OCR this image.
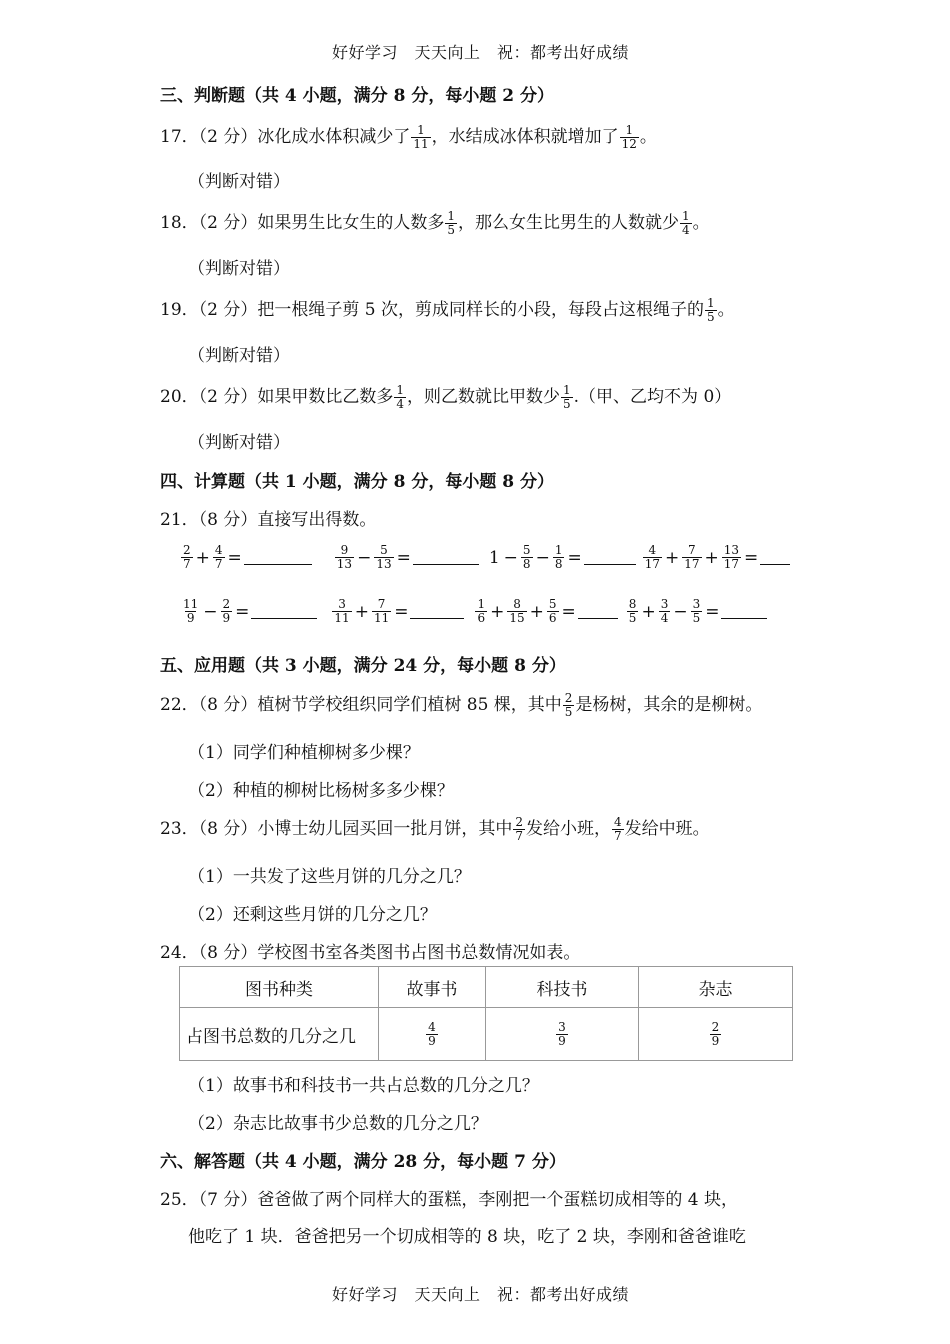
好好学习　天天向上　祝：都考出好成绩
三、判断题（共 4 小题，满分 8 分，每小题 2 分）
17．（2 分）冰化成水体积减少了 $\frac{1}{11}$ ，水结成冰体积就增加了 $\frac{1}{12}$ 。
（判断对错）
18．（2 分）如果男生比女生的人数多 $\frac{1}{5}$ ，那么女生比男生的人数就少 $\frac{1}{4}$ 。
（判断对错）
19．（2 分）把一根绳子剪 5 次，剪成同样长的小段，每段占这根绳子的 $\frac{1}{5}$ 。
（判断对错）
20．（2 分）如果甲数比乙数多 $\frac{1}{4}$ ，则乙数就比甲数少 $\frac{1}{5}$ .（甲、乙均不为 0）
（判断对错）
四、计算题（共 1 小题，满分 8 分，每小题 8 分）
21．（8 分）直接写出得数。
$\frac{2}{7} + \frac{4}{7}$ =	$\frac{9}{13} - \frac{5}{13}$ =	$1 - \frac{5}{8} - \frac{1}{8}$ =	$\frac{4}{17} + \frac{7}{17} + \frac{13}{17}$ =
$\frac{11}{9} - \frac{2}{9}$ =	$\frac{3}{11} + \frac{7}{11}$ =	$\frac{1}{6} + \frac{8}{15} + \frac{5}{6}$ =	$\frac{8}{5} + \frac{3}{4} - \frac{3}{5}$ =
五、应用题（共 3 小题，满分 24 分，每小题 8 分）
22．（8 分）植树节学校组织同学们植树 85 棵，其中 $\frac{2}{5}$ 是杨树，其余的是柳树。
（1）同学们种植柳树多少棵？
（2）种植的柳树比杨树多多少棵？
23．（8 分）小博士幼儿园买回一批月饼，其中 $\frac{2}{7}$ 发给小班， $\frac{4}{7}$ 发给中班。
（1）一共发了这些月饼的几分之几？
（2）还剩这些月饼的几分之几？
24．（8 分）学校图书室各类图书占图书总数情况如表。
图书种类	故事书	科技书	杂志
占图书总数的几分之几	$\frac{4}{9}$	$\frac{3}{9}$	$\frac{2}{9}$
（1）故事书和科技书一共占总数的几分之几？
（2）杂志比故事书少总数的几分之几？
六、解答题（共 4 小题，满分 28 分，每小题 7 分）
25．（7 分）爸爸做了两个同样大的蛋糕，李刚把一个蛋糕切成相等的 4 块，
他吃了 1 块．爸爸把另一个切成相等的 8 块，吃了 2 块，李刚和爸爸谁吃
好好学习　天天向上　祝：都考出好成绩
